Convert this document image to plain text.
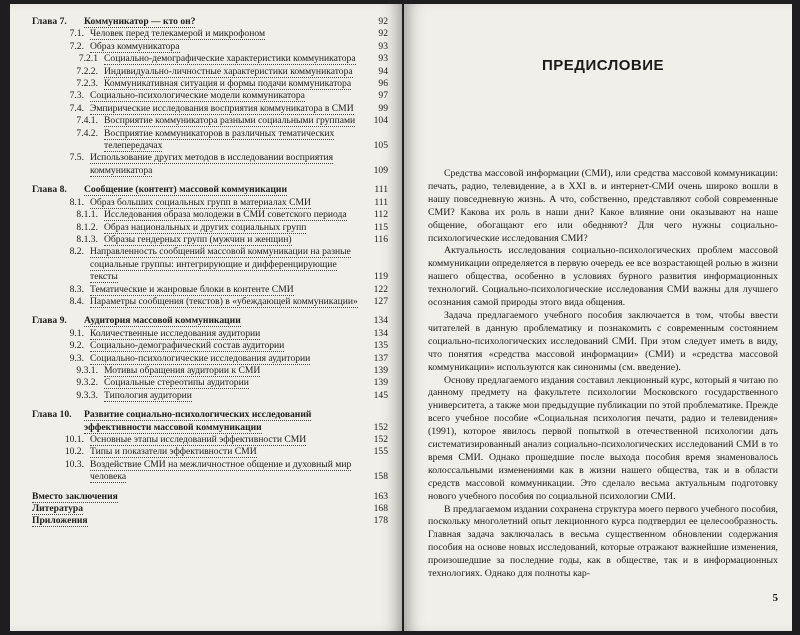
Глава 7.	Коммуникатор — кто он?	92
7.1. Человек перед телекамерой и микрофоном	92
7.2. Образ коммуникатора	93
7.2.1 Социально-демографические характеристики коммуникатора	93
7.2.2. Индивидуально-личностные характеристики коммуникатора	94
7.2.3. Коммуникативная ситуация и формы подачи коммуникатора	96
7.3. Социально-психологические модели коммуникатора	97
7.4. Эмпирические исследования восприятия коммуникатора в СМИ	99
7.4.1. Восприятие коммуникатора разными социальными группами	104
7.4.2. Восприятие коммуникаторов в различных тематических телепередачах	105
7.5. Использование других методов в исследовании восприятия коммуникатора	109
Глава 8.	Сообщение (контент) массовой коммуникации	111
8.1. Образ больших социальных групп в материалах СМИ	111
8.1.1. Исследования образа молодежи в СМИ советского периода	112
8.1.2. Образ национальных и других социальных групп	115
8.1.3. Образы гендерных групп (мужчин и женщин)	116
8.2. Направленность сообщений массовой коммуникации на разные социальные группы: интегрирующие и дифференцирующие тексты	119
8.3. Тематические и жанровые блоки в контенте СМИ	122
8.4. Параметры сообщения (текстов) в «убеждающей коммуникации»	127
Глава 9.	Аудитория массовой коммуникации	134
9.1. Количественные исследования аудитории	134
9.2. Социально-демографический состав аудитории	135
9.3. Социально-психологические исследования аудитории	137
9.3.1. Мотивы обращения аудитории к СМИ	139
9.3.2. Социальные стереотипы аудитории	139
9.3.3. Типология аудитории	145
Глава 10.	Развитие социально-психологических исследований эффективности массовой коммуникации	152
10.1. Основные этапы исследований эффективности СМИ	152
10.2. Типы и показатели эффективности СМИ	155
10.3. Воздействие СМИ на межличностное общение и духовный мир человека	158
Вместо заключения	163
Литература	168
Приложения	178
ПРЕДИСЛОВИЕ

Средства массовой информации (СМИ), или средства массовой коммуникации: печать, радио, телевидение, а в XXI в. и интернет-СМИ очень широко вошли в нашу повседневную жизнь. А что, собственно, представляют собой современные СМИ? Какова их роль в наши дни? Какое влияние они оказывают на наше общение, обогащают его или обедняют? Для чего нужны социально-психологические исследования СМИ?

Актуальность исследования социально-психологических проблем массовой коммуникации определяется в первую очередь ее все возрастающей ролью в жизни нашего общества, особенно в условиях бурного развития информационных технологий. Социально-психологические исследования СМИ важны для лучшего осознания самой природы этого вида общения.

Задача предлагаемого учебного пособия заключается в том, чтобы ввести читателей в данную проблематику и познакомить с современным состоянием социально-психологических исследований СМИ. При этом следует иметь в виду, что понятия «средства массовой информации» (СМИ) и «средства массовой коммуникации» используются как синонимы (см. введение).

Основу предлагаемого издания составил лекционный курс, который я читаю по данному предмету на факультете психологии Московского государственного университета, а также мои предыдущие публикации по этой проблематике. Прежде всего учебное пособие «Социальная психология печати, радио и телевидения» (1991), которое явилось первой попыткой в отечественной психологии дать систематизированный анализ социально-психологических исследований СМИ в то время СМИ. Однако прошедшие после выхода пособия время знаменовалось колоссальными изменениями как в жизни нашего общества, так и в области средств массовой коммуникации. Это сделало весьма актуальным подготовку нового учебного пособия по социальной психологии СМИ.

В предлагаемом издании сохранена структура моего первого учебного пособия, поскольку многолетний опыт лекционного курса подтвердил ее целесообразность. Главная задача заключалась в весьма существенном обновлении содержания пособия на основе новых исследований, которые отражают важнейшие изменения, произошедшие за последние годы, как в обществе, так и в информационных технологиях. Однако для полноты кар-

5
